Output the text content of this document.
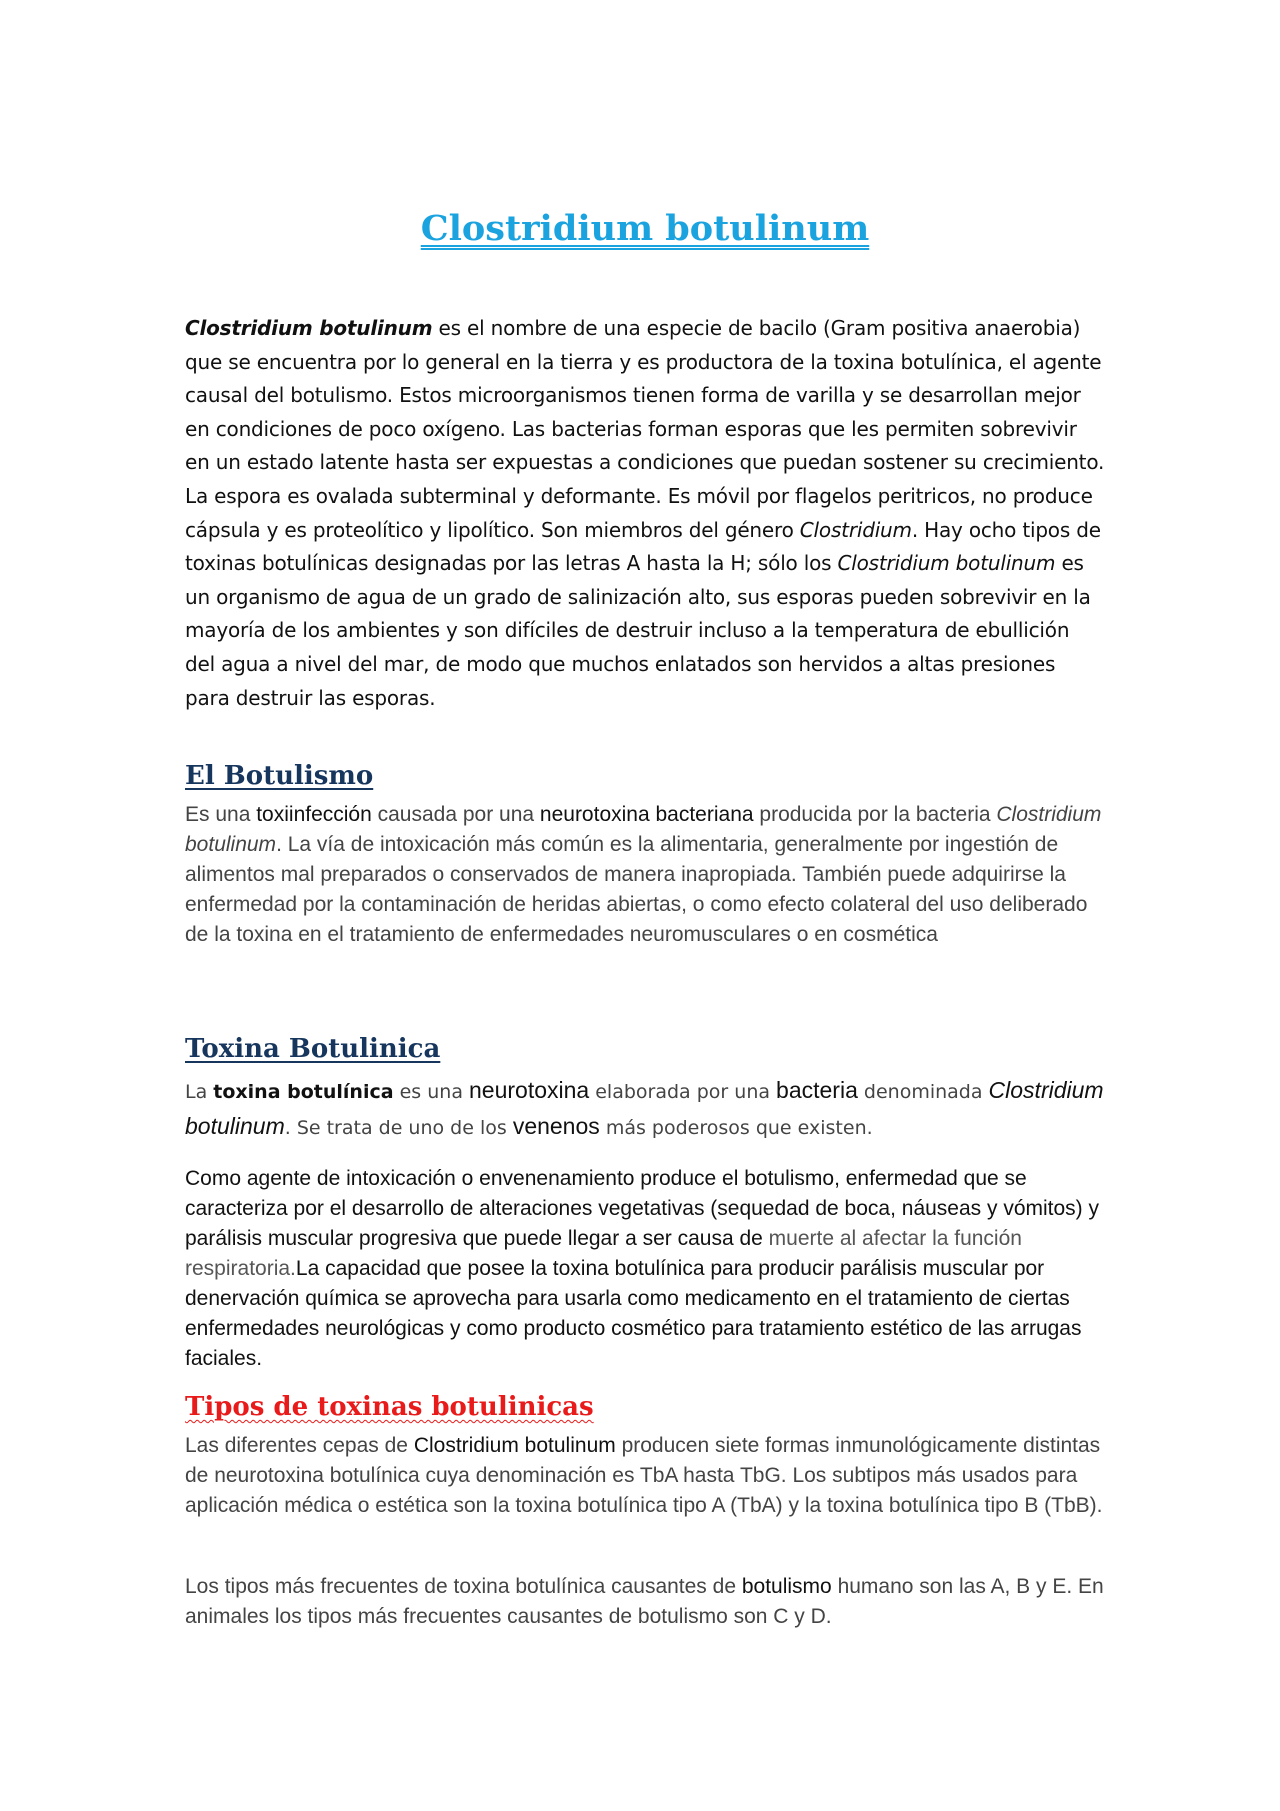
Clostridium botulinum

Clostridium botulinum es el nombre de una especie de bacilo (Gram positiva anaerobia) que se encuentra por lo general en la tierra y es productora de la toxina botulínica, el agente causal del botulismo. Estos microorganismos tienen forma de varilla y se desarrollan mejor en condiciones de poco oxígeno. Las bacterias forman esporas que les permiten sobrevivir en un estado latente hasta ser expuestas a condiciones que puedan sostener su crecimiento.
La espora es ovalada subterminal y deformante. Es móvil por flagelos peritricos, no produce cápsula y es proteolítico y lipolítico. Son miembros del género Clostridium. Hay ocho tipos de toxinas botulínicas designadas por las letras A hasta la H; sólo los Clostridium botulinum es un organismo de agua de un grado de salinización alto, sus esporas pueden sobrevivir en la mayoría de los ambientes y son difíciles de destruir incluso a la temperatura de ebullición del agua a nivel del mar, de modo que muchos enlatados son hervidos a altas presiones para destruir las esporas.

El Botulismo

Es una toxiinfección causada por una neurotoxina bacteriana producida por la bacteria Clostridium botulinum. La vía de intoxicación más común es la alimentaria, generalmente por ingestión de alimentos mal preparados o conservados de manera inapropiada. También puede adquirirse la enfermedad por la contaminación de heridas abiertas, o como efecto colateral del uso deliberado de la toxina en el tratamiento de enfermedades neuromusculares o en cosmética

Toxina Botulinica

La toxina botulínica es una neurotoxina elaborada por una bacteria denominada Clostridium botulinum. Se trata de uno de los venenos más poderosos que existen.

Como agente de intoxicación o envenenamiento produce el botulismo, enfermedad que se caracteriza por el desarrollo de alteraciones vegetativas (sequedad de boca, náuseas y vómitos) y parálisis muscular progresiva que puede llegar a ser causa de muerte al afectar la función respiratoria.La capacidad que posee la toxina botulínica para producir parálisis muscular por denervación química se aprovecha para usarla como medicamento en el tratamiento de ciertas enfermedades neurológicas y como producto cosmético para tratamiento estético de las arrugas faciales.

Tipos de toxinas botulinicas

Las diferentes cepas de Clostridium botulinum producen siete formas inmunológicamente distintas de neurotoxina botulínica cuya denominación es TbA hasta TbG. Los subtipos más usados para aplicación médica o estética son la toxina botulínica tipo A (TbA) y la toxina botulínica tipo B (TbB).

Los tipos más frecuentes de toxina botulínica causantes de botulismo humano son las A, B y E. En animales los tipos más frecuentes causantes de botulismo son C y D.
